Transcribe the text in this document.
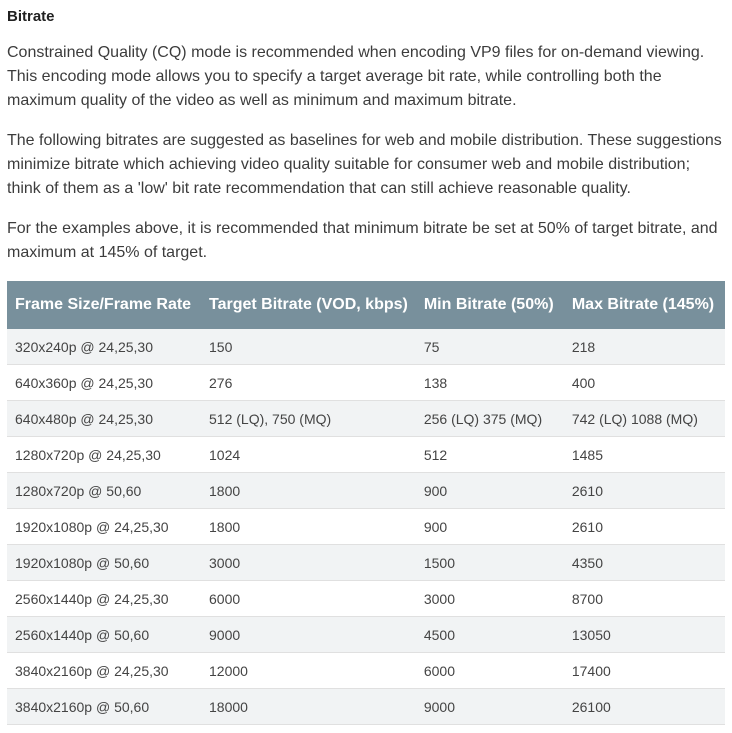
Bitrate

Constrained Quality (CQ) mode is recommended when encoding VP9 files for on-demand viewing. This encoding mode allows you to specify a target average bit rate, while controlling both the maximum quality of the video as well as minimum and maximum bitrate.

The following bitrates are suggested as baselines for web and mobile distribution. These suggestions minimize bitrate which achieving video quality suitable for consumer web and mobile distribution; think of them as a 'low' bit rate recommendation that can still achieve reasonable quality.

For the examples above, it is recommended that minimum bitrate be set at 50% of target bitrate, and maximum at 145% of target.

Frame Size/Frame Rate	Target Bitrate (VOD, kbps)	Min Bitrate (50%)	Max Bitrate (145%)
320x240p @ 24,25,30	150	75	218
640x360p @ 24,25,30	276	138	400
640x480p @ 24,25,30	512 (LQ), 750 (MQ)	256 (LQ) 375 (MQ)	742 (LQ) 1088 (MQ)
1280x720p @ 24,25,30	1024	512	1485
1280x720p @ 50,60	1800	900	2610
1920x1080p @ 24,25,30	1800	900	2610
1920x1080p @ 50,60	3000	1500	4350
2560x1440p @ 24,25,30	6000	3000	8700
2560x1440p @ 50,60	9000	4500	13050
3840x2160p @ 24,25,30	12000	6000	17400
3840x2160p @ 50,60	18000	9000	26100
